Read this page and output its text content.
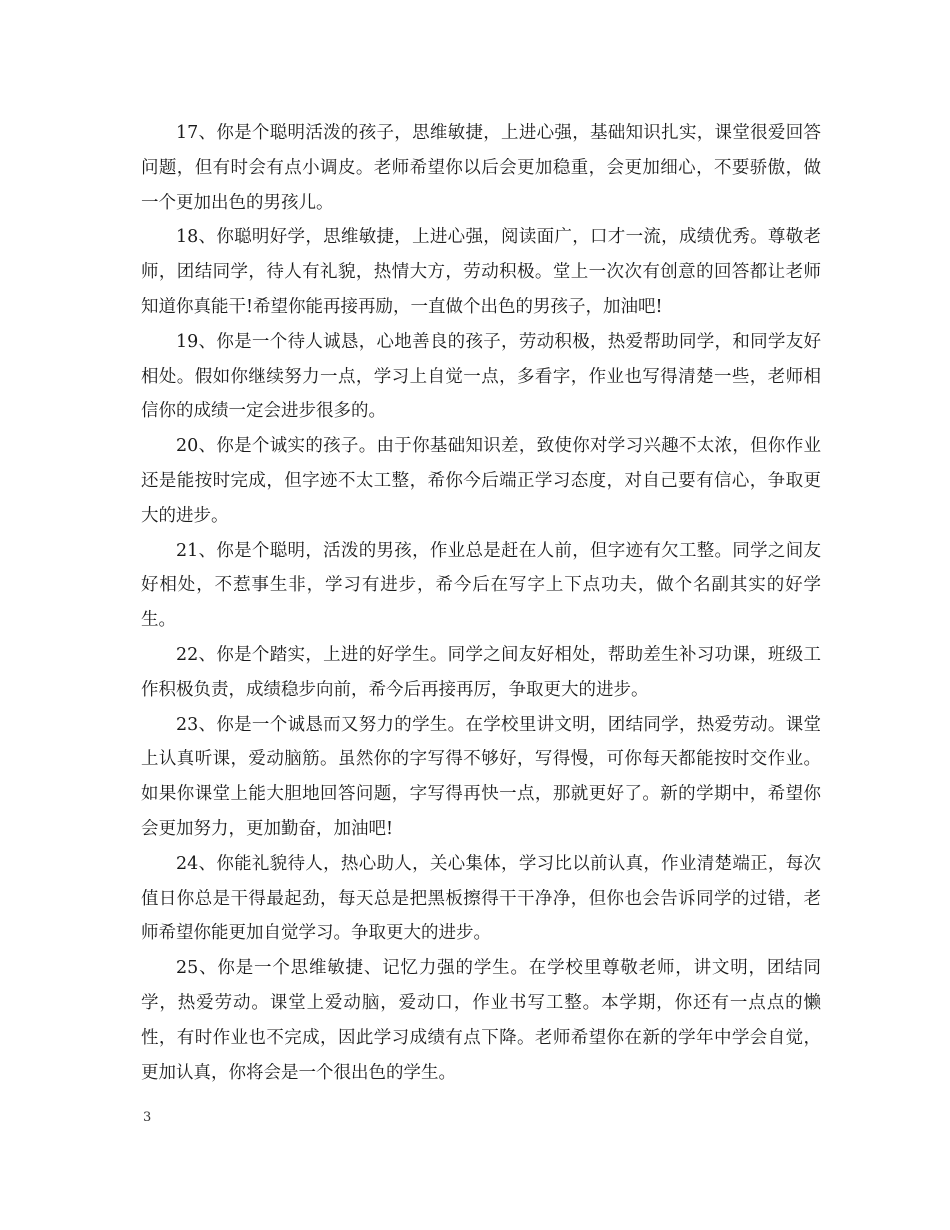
17、你是个聪明活泼的孩子，思维敏捷，上进心强，基础知识扎实，课堂很爱回答问题，但有时会有点小调皮。老师希望你以后会更加稳重，会更加细心，不要骄傲，做一个更加出色的男孩儿。

18、你聪明好学，思维敏捷，上进心强，阅读面广，口才一流，成绩优秀。尊敬老师，团结同学，待人有礼貌，热情大方，劳动积极。堂上一次次有创意的回答都让老师知道你真能干!希望你能再接再励，一直做个出色的男孩子，加油吧!

19、你是一个待人诚恳，心地善良的孩子，劳动积极，热爱帮助同学，和同学友好相处。假如你继续努力一点，学习上自觉一点，多看字，作业也写得清楚一些，老师相信你的成绩一定会进步很多的。

20、你是个诚实的孩子。由于你基础知识差，致使你对学习兴趣不太浓，但你作业还是能按时完成，但字迹不太工整，希你今后端正学习态度，对自己要有信心，争取更大的进步。

21、你是个聪明，活泼的男孩，作业总是赶在人前，但字迹有欠工整。同学之间友好相处，不惹事生非，学习有进步，希今后在写字上下点功夫，做个名副其实的好学生。

22、你是个踏实，上进的好学生。同学之间友好相处，帮助差生补习功课，班级工作积极负责，成绩稳步向前，希今后再接再厉，争取更大的进步。

23、你是一个诚恳而又努力的学生。在学校里讲文明，团结同学，热爱劳动。课堂上认真听课，爱动脑筋。虽然你的字写得不够好，写得慢，可你每天都能按时交作业。如果你课堂上能大胆地回答问题，字写得再快一点，那就更好了。新的学期中，希望你会更加努力，更加勤奋，加油吧!

24、你能礼貌待人，热心助人，关心集体，学习比以前认真，作业清楚端正，每次值日你总是干得最起劲，每天总是把黑板擦得干干净净，但你也会告诉同学的过错，老师希望你能更加自觉学习。争取更大的进步。

25、你是一个思维敏捷、记忆力强的学生。在学校里尊敬老师，讲文明，团结同学，热爱劳动。课堂上爱动脑，爱动口，作业书写工整。本学期，你还有一点点的懒性，有时作业也不完成，因此学习成绩有点下降。老师希望你在新的学年中学会自觉，更加认真，你将会是一个很出色的学生。

3
